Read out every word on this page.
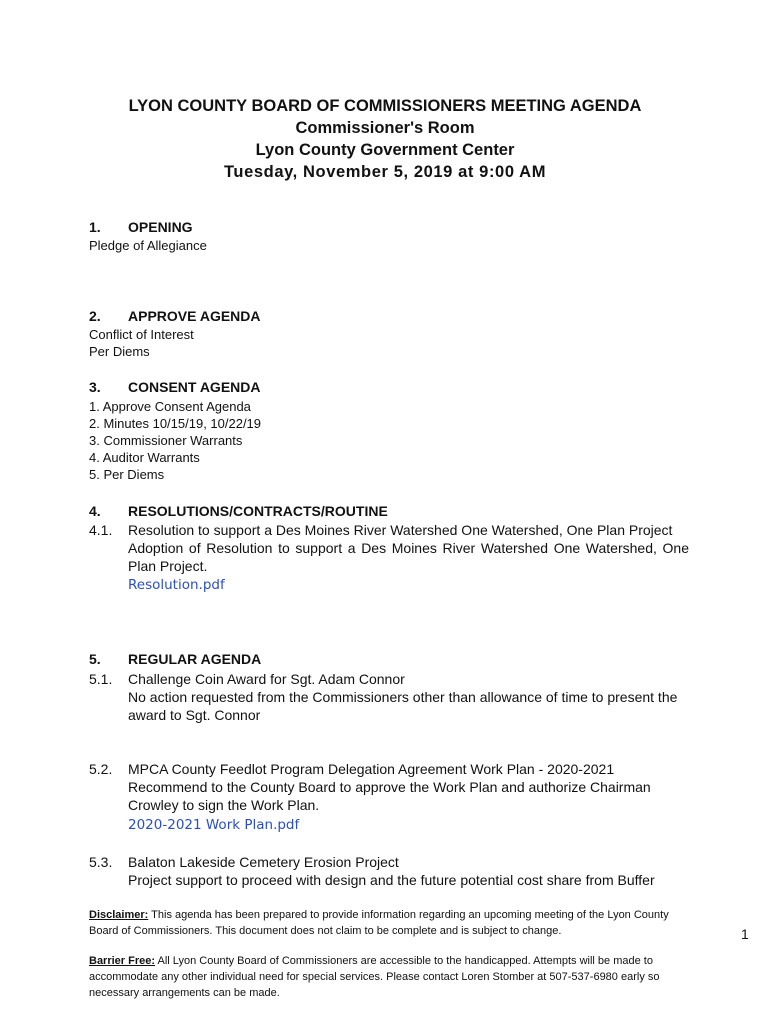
LYON COUNTY BOARD OF COMMISSIONERS MEETING AGENDA
Commissioner's Room
Lyon County Government Center
Tuesday, November 5, 2019 at 9:00 AM
1. OPENING
Pledge of Allegiance
2. APPROVE AGENDA
Conflict of Interest
Per Diems
3. CONSENT AGENDA
1. Approve Consent Agenda
2. Minutes 10/15/19, 10/22/19
3. Commissioner Warrants
4. Auditor Warrants
5. Per Diems
4. RESOLUTIONS/CONTRACTS/ROUTINE
4.1. Resolution to support a Des Moines River Watershed One Watershed, One Plan Project
Adoption of Resolution to support a Des Moines River Watershed One Watershed, One Plan Project.
Resolution.pdf
5. REGULAR AGENDA
5.1. Challenge Coin Award for Sgt. Adam Connor
No action requested from the Commissioners other than allowance of time to present the award to Sgt. Connor
5.2. MPCA County Feedlot Program Delegation Agreement Work Plan - 2020-2021
Recommend to the County Board to approve the Work Plan and authorize Chairman Crowley to sign the Work Plan.
2020-2021 Work Plan.pdf
5.3. Balaton Lakeside Cemetery Erosion Project
Project support to proceed with design and the future potential cost share from Buffer
Disclaimer: This agenda has been prepared to provide information regarding an upcoming meeting of the Lyon County Board of Commissioners. This document does not claim to be complete and is subject to change.
Barrier Free: All Lyon County Board of Commissioners are accessible to the handicapped. Attempts will be made to accommodate any other individual need for special services. Please contact Loren Stomber at 507-537-6980 early so necessary arrangements can be made.
1
